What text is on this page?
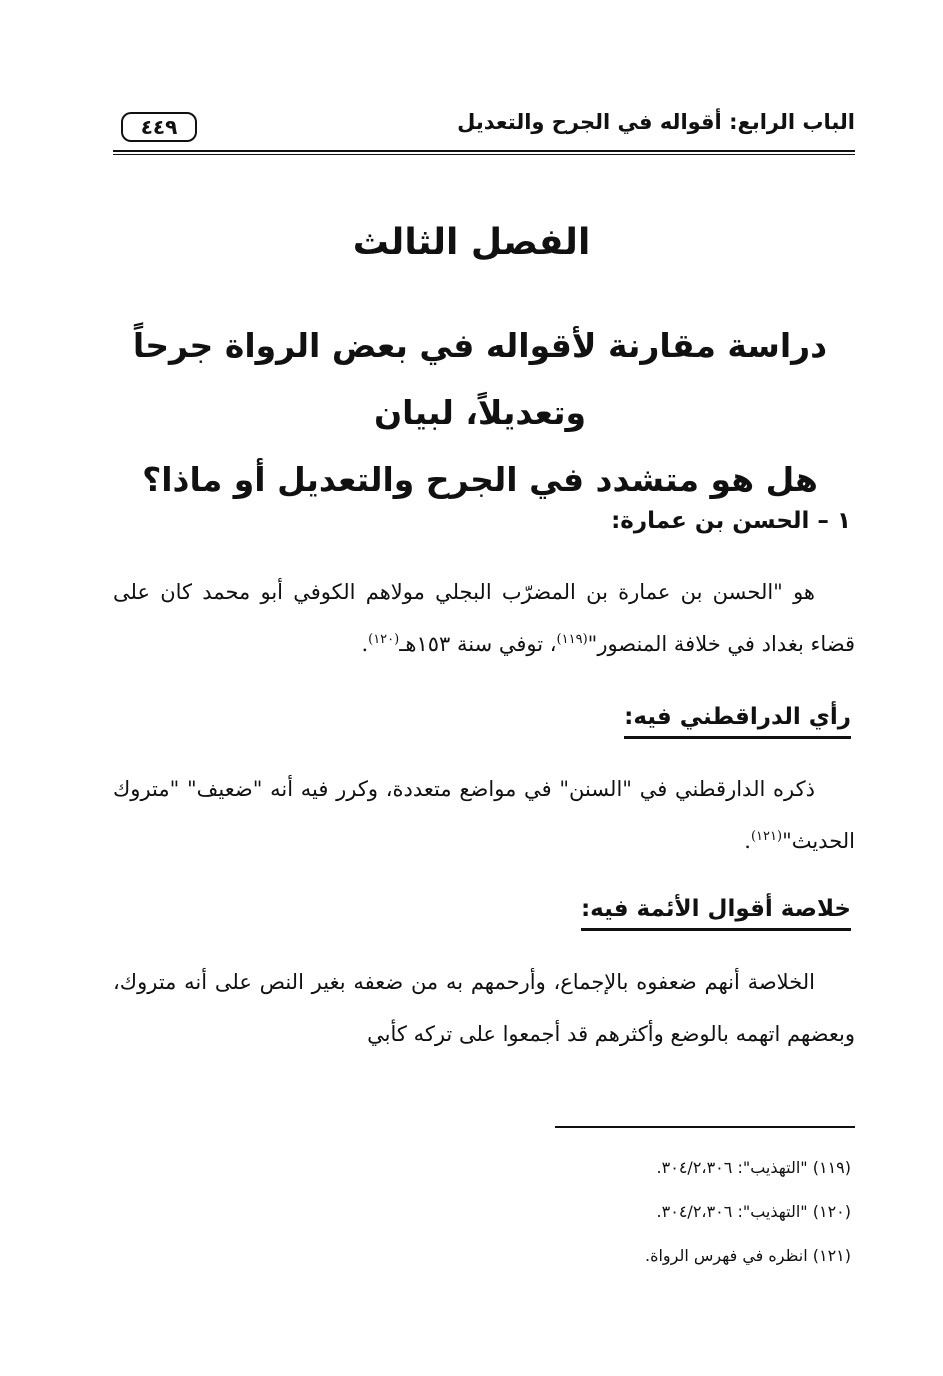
الباب الرابع: أقواله في الجرح والتعديل
٤٤٩
الفصل الثالث
دراسة مقارنة لأقواله في بعض الرواة جرحاً وتعديلاً، لبيان
هل هو متشدد في الجرح والتعديل أو ماذا؟
١ – الحسن بن عمارة:

هو "الحسن بن عمارة بن المضرّب البجلي مولاهم الكوفي أبو محمد كان على قضاء بغداد في خلافة المنصور"$^{(١١٩)}$، توفي سنة ١٥٣هـ$^{(١٢٠)}$.

رأي الدراقطني فيه:

ذكره الدارقطني في "السنن" في مواضع متعددة، وكرر فيه أنه "ضعيف" "متروك الحديث"$^{(١٢١)}$.

خلاصة أقوال الأئمة فيه:

الخلاصة أنهم ضعفوه بالإجماع، وأرحمهم به من ضعفه بغير النص على أنه متروك، وبعضهم اتهمه بالوضع وأكثرهم قد أجمعوا على تركه كأبي

(١١٩) "التهذيب": ٣٠٤/٢،٣٠٦.
(١٢٠) "التهذيب": ٣٠٤/٢،٣٠٦.
(١٢١) انظره في فهرس الرواة.
